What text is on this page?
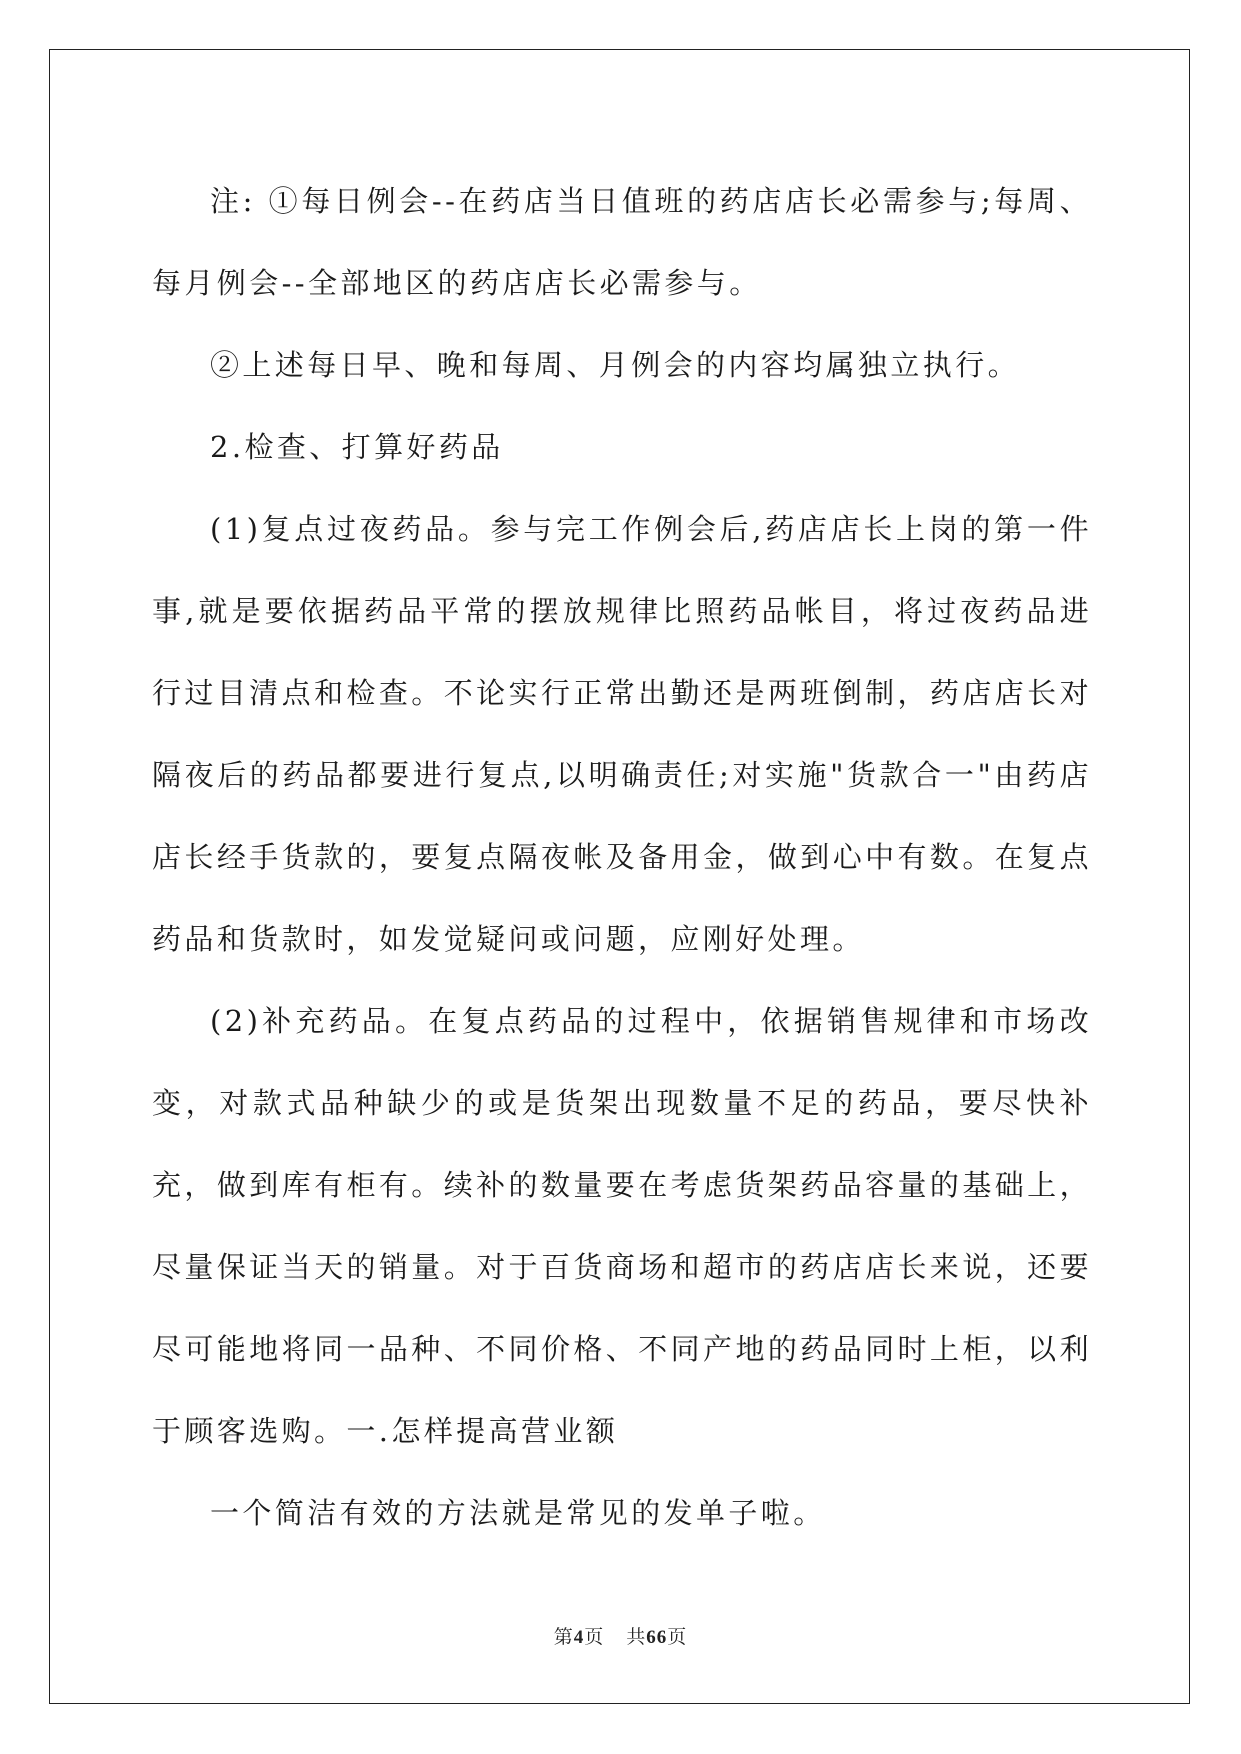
注: ①每日例会--在药店当日值班的药店店长必需参与;每周、每月例会--全部地区的药店店长必需参与。

②上述每日早、晚和每周、月例会的内容均属独立执行。

2.检查、打算好药品

(1)复点过夜药品。参与完工作例会后,药店店长上岗的第一件事,就是要依据药品平常的摆放规律比照药品帐目，将过夜药品进行过目清点和检查。不论实行正常出勤还是两班倒制，药店店长对隔夜后的药品都要进行复点,以明确责任;对实施"货款合一"由药店店长经手货款的，要复点隔夜帐及备用金，做到心中有数。在复点药品和货款时，如发觉疑问或问题，应刚好处理。

(2)补充药品。在复点药品的过程中，依据销售规律和市场改变，对款式品种缺少的或是货架出现数量不足的药品，要尽快补充，做到库有柜有。续补的数量要在考虑货架药品容量的基础上，尽量保证当天的销量。对于百货商场和超市的药店店长来说，还要尽可能地将同一品种、不同价格、不同产地的药品同时上柜，以利于顾客选购。一.怎样提高营业额

一个简洁有效的方法就是常见的发单子啦。

第4页 共66页
